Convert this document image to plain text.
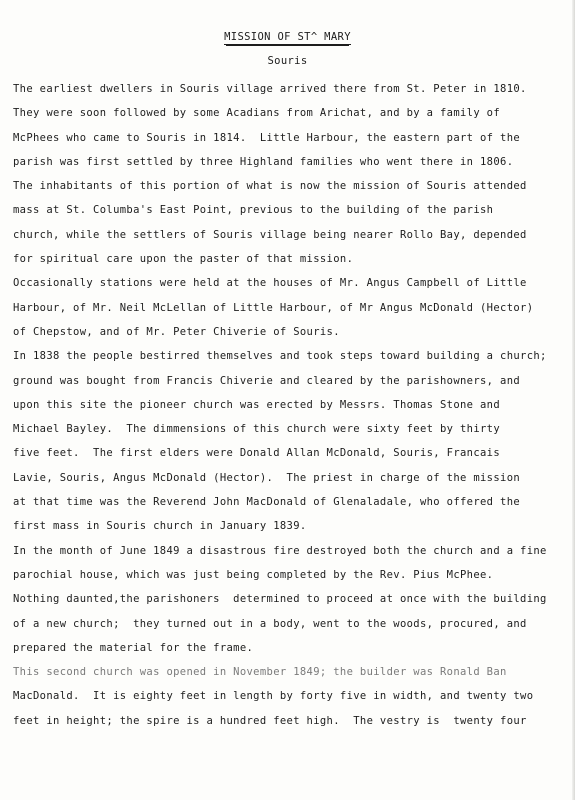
MISSION OF ST^ MARY
Souris
The earliest dwellers in Souris village arrived there from St. Peter in 1810.
They were soon followed by some Acadians from Arichat, and by a family of
McPhees who came to Souris in 1814.  Little Harbour, the eastern part of the
parish was first settled by three Highland families who went there in 1806.
The inhabitants of this portion of what is now the mission of Souris attended
mass at St. Columba's East Point, previous to the building of the parish
church, while the settlers of Souris village being nearer Rollo Bay, depended
for spiritual care upon the paster of that mission.
Occasionally stations were held at the houses of Mr. Angus Campbell of Little
Harbour, of Mr. Neil McLellan of Little Harbour, of Mr Angus McDonald (Hector)
of Chepstow, and of Mr. Peter Chiverie of Souris.
In 1838 the people bestirred themselves and took steps toward building a church;
ground was bought from Francis Chiverie and cleared by the parishowners, and
upon this site the pioneer church was erected by Messrs. Thomas Stone and
Michael Bayley.  The dimmensions of this church were sixty feet by thirty
five feet.  The first elders were Donald Allan McDonald, Souris, Francais
Lavie, Souris, Angus McDonald (Hector).  The priest in charge of the mission
at that time was the Reverend John MacDonald of Glenaladale, who offered the
first mass in Souris church in January 1839.
In the month of June 1849 a disastrous fire destroyed both the church and a fine
parochial house, which was just being completed by the Rev. Pius McPhee.
Nothing daunted,the parishoners  determined to proceed at once with the building
of a new church;  they turned out in a body, went to the woods, procured, and
prepared the material for the frame.
This second church was opened in November 1849; the builder was Ronald Ban
MacDonald.  It is eighty feet in length by forty five in width, and twenty two
feet in height; the spire is a hundred feet high.  The vestry is  twenty four
